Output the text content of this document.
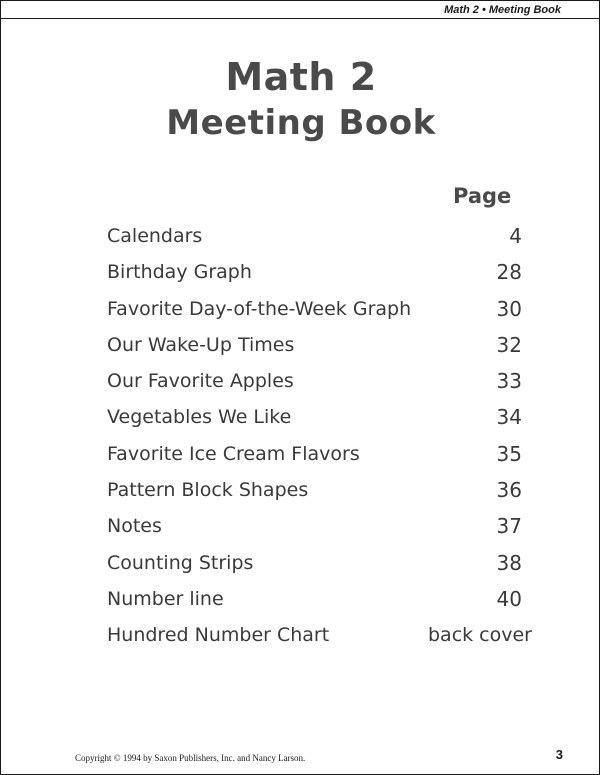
Math 2 • Meeting Book
Math 2
Meeting Book
Page
Calendars	4
Birthday Graph	28
Favorite Day-of-the-Week Graph	30
Our Wake-Up Times	32
Our Favorite Apples	33
Vegetables We Like	34
Favorite Ice Cream Flavors	35
Pattern Block Shapes	36
Notes	37
Counting Strips	38
Number line	40
Hundred Number Chart	back cover
Copyright © 1994 by Saxon Publishers, Inc. and Nancy Larson.	3
